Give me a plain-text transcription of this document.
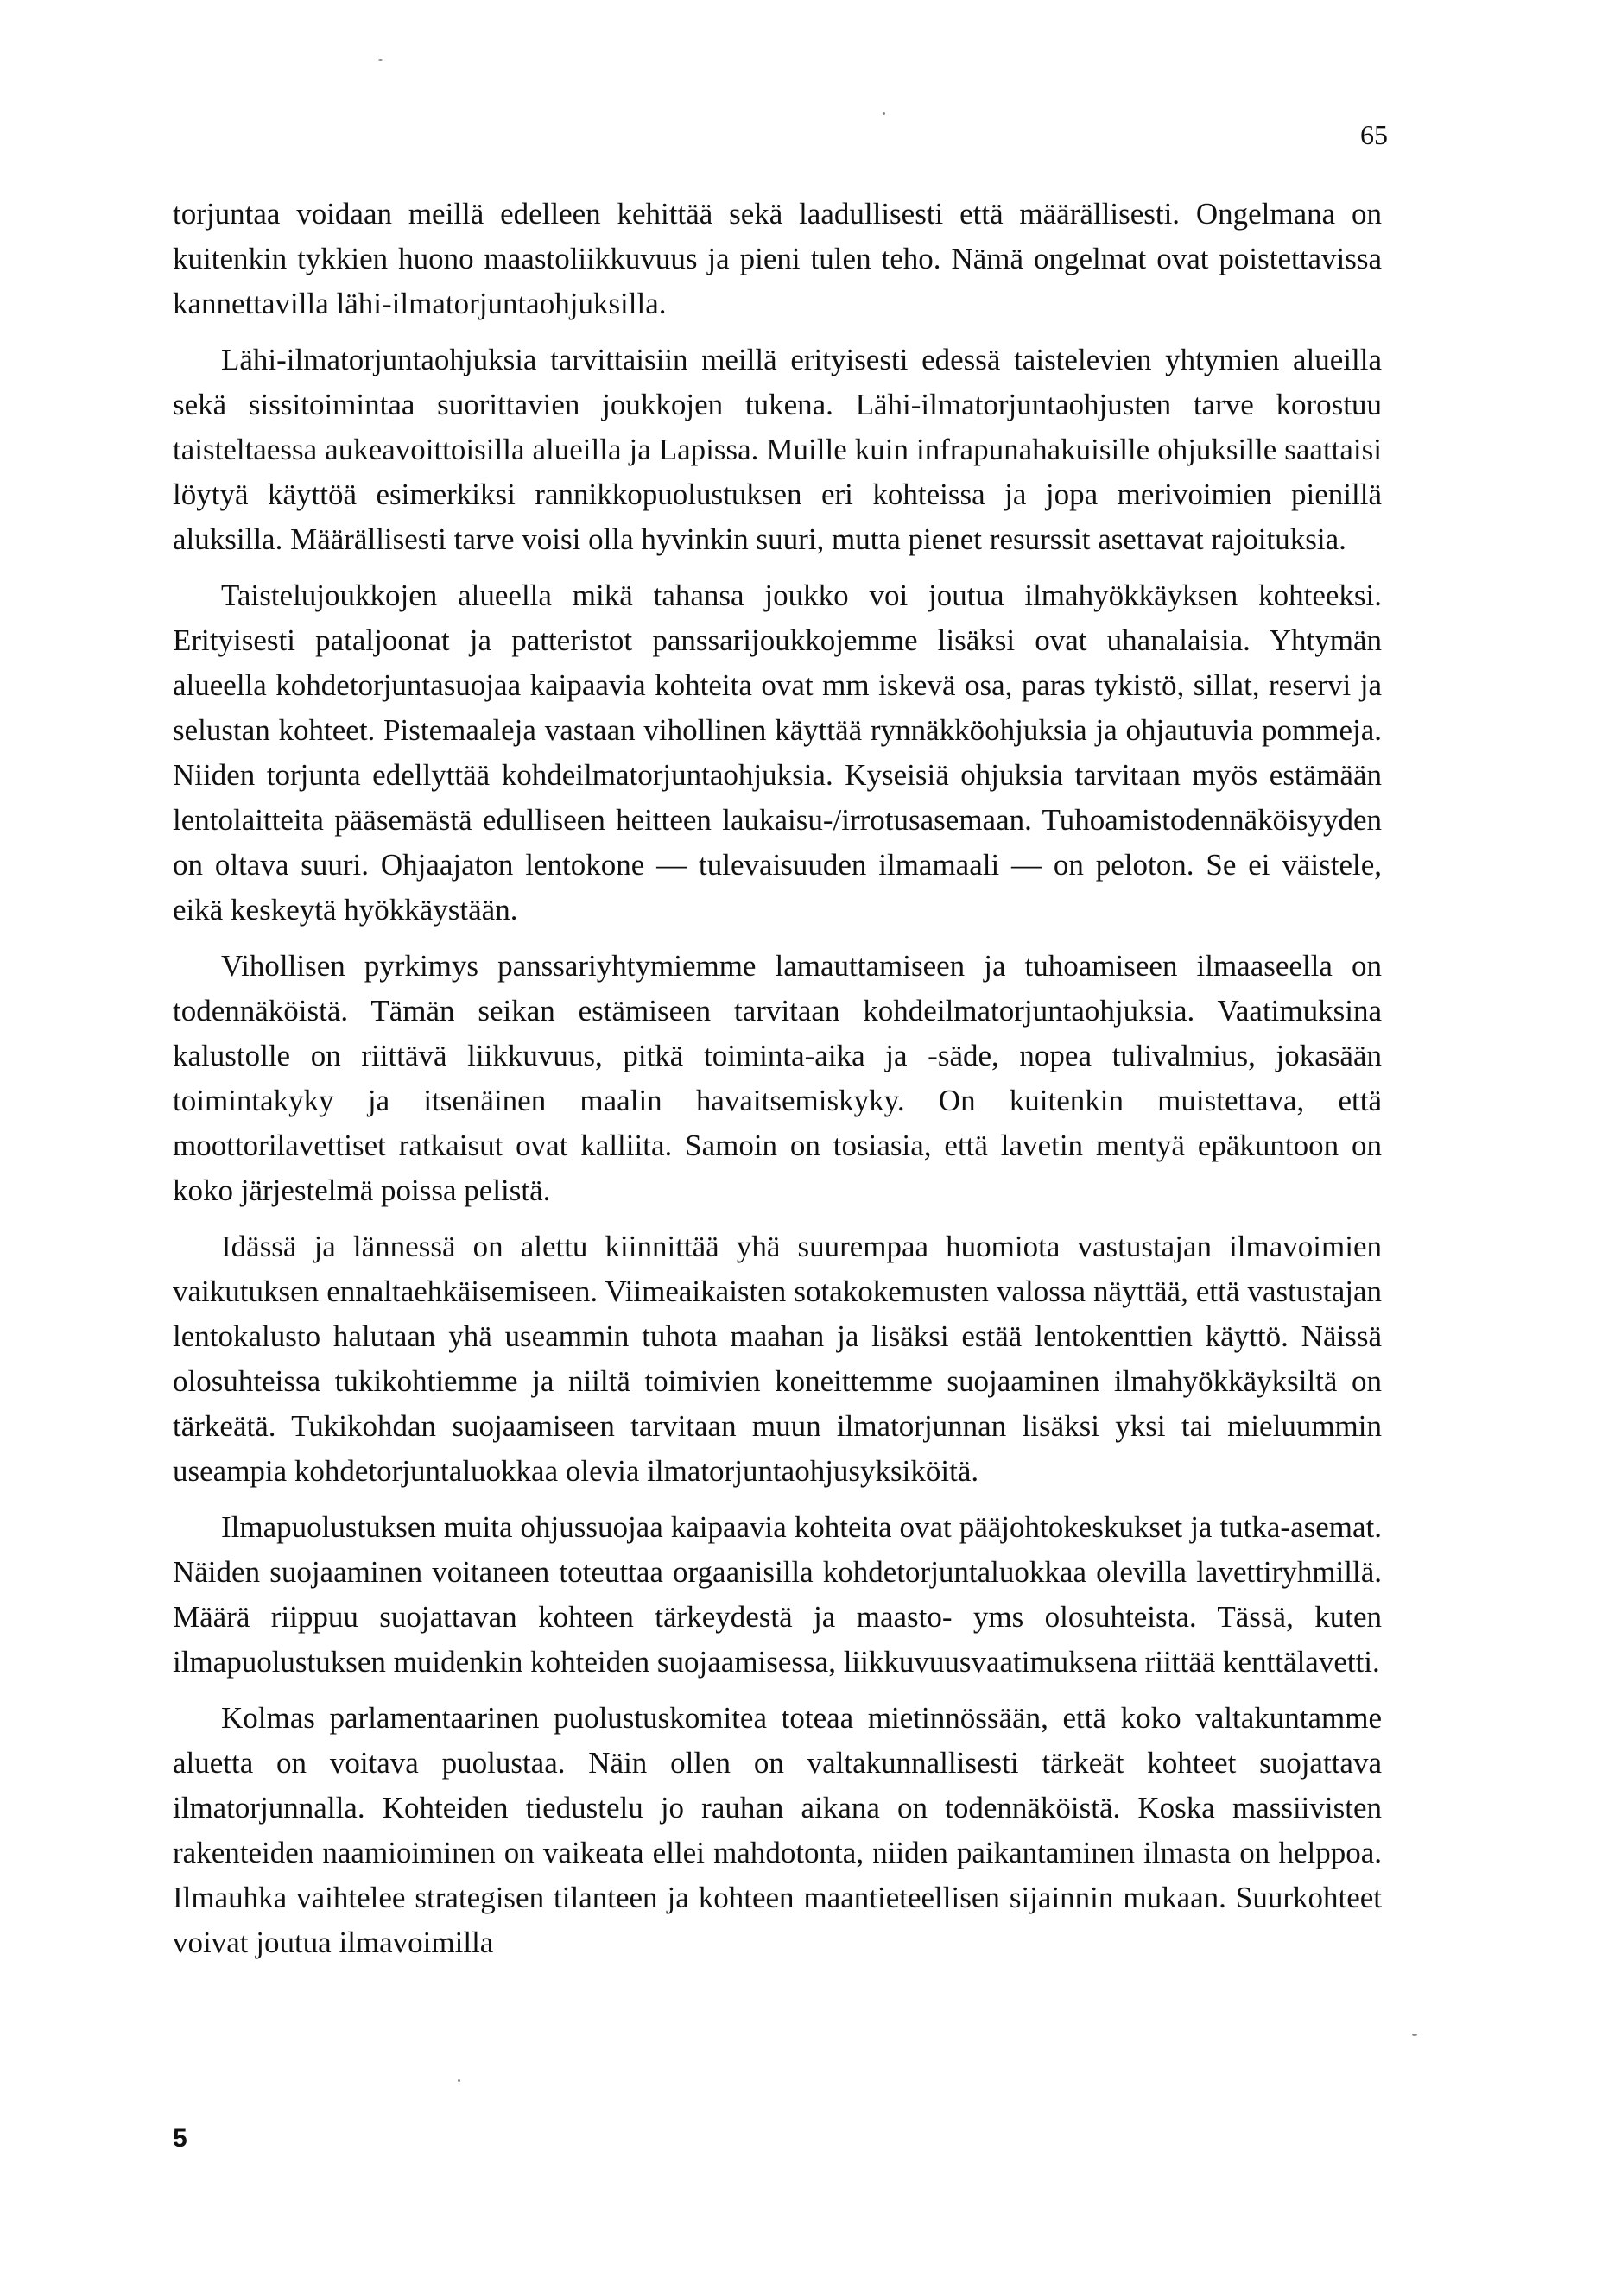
65

torjuntaa voidaan meillä edelleen kehittää sekä laadullisesti että määrällisesti. Ongelmana on kuitenkin tykkien huono maastoliikkuvuus ja pieni tulen teho. Nämä ongelmat ovat poistettavissa kannettavilla lähi-ilmatorjuntaohjuksilla.

Lähi-ilmatorjuntaohjuksia tarvittaisiin meillä erityisesti edessä taistelevien yhtymien alueilla sekä sissitoimintaa suorittavien joukkojen tukena. Lähi-ilmatorjuntaohjusten tarve korostuu taisteltaessa aukeavoittoisilla alueilla ja Lapissa. Muille kuin infrapunahakuisille ohjuksille saattaisi löytyä käyttöä esimerkiksi rannikkopuolustuksen eri kohteissa ja jopa merivoimien pienillä aluksilla. Määrällisesti tarve voisi olla hyvinkin suuri, mutta pienet resurssit asettavat rajoituksia.

Taistelujoukkojen alueella mikä tahansa joukko voi joutua ilmahyökkäyksen kohteeksi. Erityisesti pataljoonat ja patteristot panssarijoukkojemme lisäksi ovat uhanalaisia. Yhtymän alueella kohdetorjuntasuojaa kaipaavia kohteita ovat mm iskevä osa, paras tykistö, sillat, reservi ja selustan kohteet. Pistemaaleja vastaan vihollinen käyttää rynnäkköohjuksia ja ohjautuvia pommeja. Niiden torjunta edellyttää kohdeilmatorjuntaohjuksia. Kyseisiä ohjuksia tarvitaan myös estämään lentolaitteita pääsemästä edulliseen heitteen laukaisu-/irrotusasemaan. Tuhoamistodennäköisyyden on oltava suuri. Ohjaajaton lentokone — tulevaisuuden ilmamaali — on peloton. Se ei väistele, eikä keskeytä hyökkäystään.

Vihollisen pyrkimys panssariyhtymiemme lamauttamiseen ja tuhoamiseen ilmaaseella on todennäköistä. Tämän seikan estämiseen tarvitaan kohdeilmatorjuntaohjuksia. Vaatimuksina kalustolle on riittävä liikkuvuus, pitkä toiminta-aika ja -säde, nopea tulivalmius, jokasään toimintakyky ja itsenäinen maalin havaitsemiskyky. On kuitenkin muistettava, että moottorilavettiset ratkaisut ovat kalliita. Samoin on tosiasia, että lavetin mentyä epäkuntoon on koko järjestelmä poissa pelistä.

Idässä ja lännessä on alettu kiinnittää yhä suurempaa huomiota vastustajan ilmavoimien vaikutuksen ennaltaehkäisemiseen. Viimeaikaisten sotakokemusten valossa näyttää, että vastustajan lentokalusto halutaan yhä useammin tuhota maahan ja lisäksi estää lentokenttien käyttö. Näissä olosuhteissa tukikohtiemme ja niiltä toimivien koneittemme suojaaminen ilmahyökkäyksiltä on tärkeätä. Tukikohdan suojaamiseen tarvitaan muun ilmatorjunnan lisäksi yksi tai mieluummin useampia kohdetorjuntaluokkaa olevia ilmatorjuntaohjusyksiköitä.

Ilmapuolustuksen muita ohjussuojaa kaipaavia kohteita ovat pääjohtokeskukset ja tutka-asemat. Näiden suojaaminen voitaneen toteuttaa orgaanisilla kohdetorjuntaluokkaa olevilla lavettiryhmillä. Määrä riippuu suojattavan kohteen tärkeydestä ja maasto- yms olosuhteista. Tässä, kuten ilmapuolustuksen muidenkin kohteiden suojaamisessa, liikkuvuusvaatimuksena riittää kenttälavetti.

Kolmas parlamentaarinen puolustuskomitea toteaa mietinnössään, että koko valtakuntamme aluetta on voitava puolustaa. Näin ollen on valtakunnallisesti tärkeät kohteet suojattava ilmatorjunnalla. Kohteiden tiedustelu jo rauhan aikana on todennäköistä. Koska massiivisten rakenteiden naamioiminen on vaikeata ellei mahdotonta, niiden paikantaminen ilmasta on helppoa. Ilmauhka vaihtelee strategisen tilanteen ja kohteen maantieteellisen sijainnin mukaan. Suurkohteet voivat joutua ilmavoimilla

5
